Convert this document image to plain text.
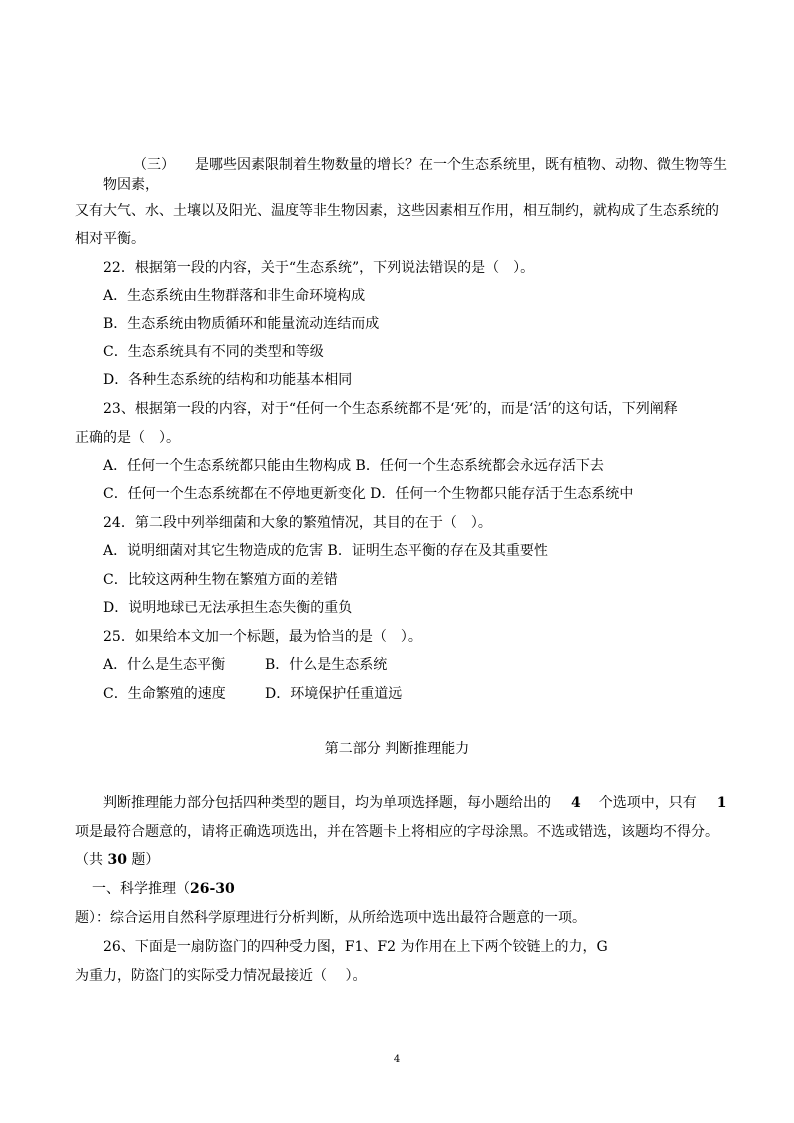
（三） 是哪些因素限制着生物数量的增长？在一个生态系统里，既有植物、动物、微生物等生
物因素，
又有大气、水、土壤以及阳光、温度等非生物因素，这些因素相互作用，相互制约，就构成了生态系统的
相对平衡。
22．根据第一段的内容，关于“生态系统”，下列说法错误的是（　）。
A．生态系统由生物群落和非生命环境构成
B．生态系统由物质循环和能量流动连结而成
C．生态系统具有不同的类型和等级
D．各种生态系统的结构和功能基本相同
23、根据第一段的内容，对于“任何一个生态系统都不是‘死’的，而是‘活’的这句话，下列阐释
正确的是（　）。
A．任何一个生态系统都只能由生物构成 B．任何一个生态系统都会永远存活下去
C．任何一个生态系统都在不停地更新变化 D．任何一个生物都只能存活于生态系统中
24．第二段中列举细菌和大象的繁殖情况，其目的在于（　）。
A．说明细菌对其它生物造成的危害 B．证明生态平衡的存在及其重要性
C．比较这两种生物在繁殖方面的差错
D．说明地球已无法承担生态失衡的重负
25．如果给本文加一个标题，最为恰当的是（　）。
A．什么是生态平衡	B．什么是生态系统
C．生命繁殖的速度	D．环境保护任重道远
第二部分 判断推理能力
判断推理能力部分包括四种类型的题目，均为单项选择题，每小题给出的 4 个选项中，只有 1
项是最符合题意的，请将正确选项选出，并在答题卡上将相应的字母涂黑。不选或错选，该题均不得分。
（共 30 题）
一、科学推理（26-30
题）：综合运用自然科学原理进行分析判断，从所给选项中选出最符合题意的一项。
26、下面是一扇防盗门的四种受力图，F1、F2 为作用在上下两个铰链上的力，G
为重力，防盗门的实际受力情况最接近（　 ）。
4
